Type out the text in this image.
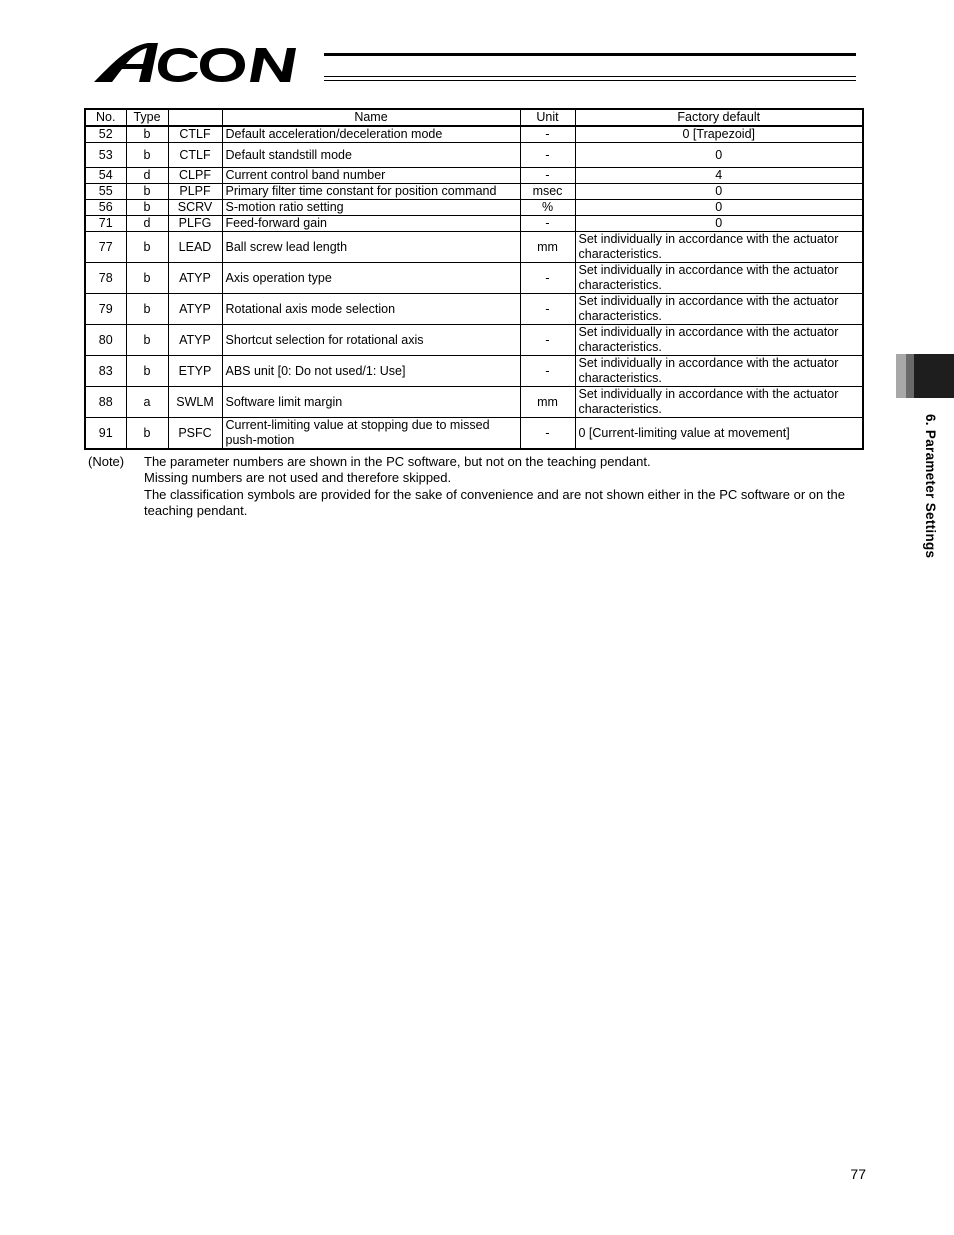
No.	Type		Name	Unit	Factory default
52	b	CTLF	Default acceleration/deceleration mode	-	0 [Trapezoid]
53	b	CTLF	Default standstill mode	-	0
54	d	CLPF	Current control band number	-	4
55	b	PLPF	Primary filter time constant for position command	msec	0
56	b	SCRV	S-motion ratio setting	%	0
71	d	PLFG	Feed-forward gain	-	0
77	b	LEAD	Ball screw lead length	mm	Set individually in accordance with the actuator characteristics.
78	b	ATYP	Axis operation type	-	Set individually in accordance with the actuator characteristics.
79	b	ATYP	Rotational axis mode selection	-	Set individually in accordance with the actuator characteristics.
80	b	ATYP	Shortcut selection for rotational axis	-	Set individually in accordance with the actuator characteristics.
83	b	ETYP	ABS unit [0: Do not used/1: Use]	-	Set individually in accordance with the actuator characteristics.
88	a	SWLM	Software limit margin	mm	Set individually in accordance with the actuator characteristics.
91	b	PSFC	Current-limiting value at stopping due to missed push-motion	-	0 [Current-limiting value at movement]
(Note)	The parameter numbers are shown in the PC software, but not on the teaching pendant.
Missing numbers are not used and therefore skipped.
The classification symbols are provided for the sake of convenience and are not shown either in the PC software or on the teaching pendant.	6. Parameter Settings
77
